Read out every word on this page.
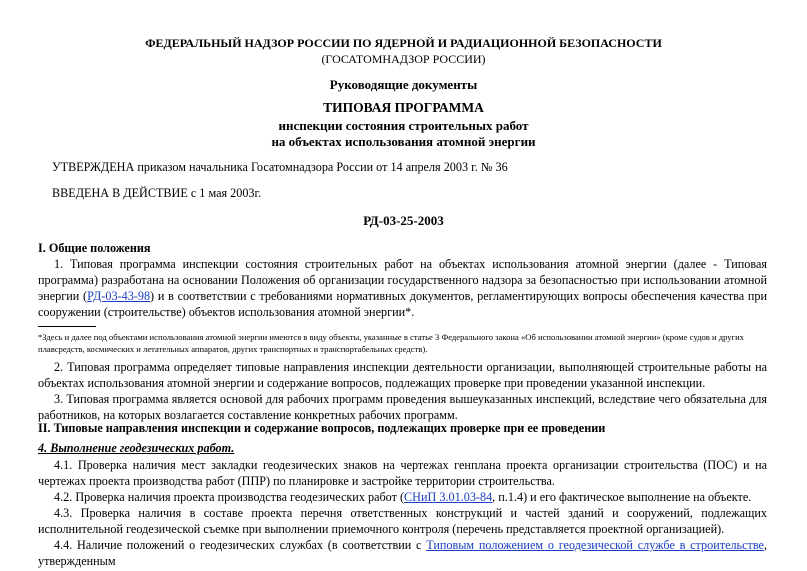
ФЕДЕРАЛЬНЫЙ НАДЗОР РОССИИ ПО ЯДЕРНОЙ И РАДИАЦИОННОЙ БЕЗОПАСНОСТИ
(ГОСАТОМНАДЗОР РОССИИ)
Руководящие документы
ТИПОВАЯ ПРОГРАММА
инспекции состояния строительных работ
на объектах использования атомной энергии
УТВЕРЖДЕНА приказом начальника Госатомнадзора России от 14 апреля 2003 г. № 36
ВВЕДЕНА В ДЕЙСТВИЕ с 1 мая 2003г.
РД-03-25-2003
I. Общие положения
1. Типовая программа инспекции состояния строительных работ на объектах использования атомной энергии (далее - Типовая программа) разработана на основании Положения об организации государственного надзора за безопасностью при использовании атомной энергии (РД-03-43-98) и в соответствии с требованиями нормативных документов, регламентирующих вопросы обеспечения качества при сооружении (строительстве) объектов использования атомной энергии*.
*Здесь и далее под объектами использования атомной энергии имеются в виду объекты, указанные в статье 3 Федерального закона «Об использовании атомной энергии» (кроме судов и других плавсредств, космических и летательных аппаратов, других транспортных и транспортабельных средств).
2. Типовая программа определяет типовые направления инспекции деятельности организации, выполняющей строительные работы на объектах использования атомной энергии и содержание вопросов, подлежащих проверке при проведении указанной инспекции.
3. Типовая программа является основой для рабочих программ проведения вышеуказанных инспекций, вследствие чего обязательна для работников, на которых возлагается составление конкретных рабочих программ.
II. Типовые направления инспекции и содержание вопросов, подлежащих проверке при ее проведении
4. Выполнение геодезических работ.
4.1. Проверка наличия мест закладки геодезических знаков на чертежах генплана проекта организации строительства (ПОС) и на чертежах проекта производства работ (ППР) по планировке и застройке территории строительства.
4.2. Проверка наличия проекта производства геодезических работ (СНиП 3.01.03-84, п.1.4) и его фактическое выполнение на объекте.
4.3. Проверка наличия в составе проекта перечня ответственных конструкций и частей зданий и сооружений, подлежащих исполнительной геодезической съемке при выполнении приемочного контроля (перечень представляется проектной организацией).
4.4. Наличие положений о геодезических службах (в соответствии с Типовым положением о геодезической службе в строительстве, утвержденным
